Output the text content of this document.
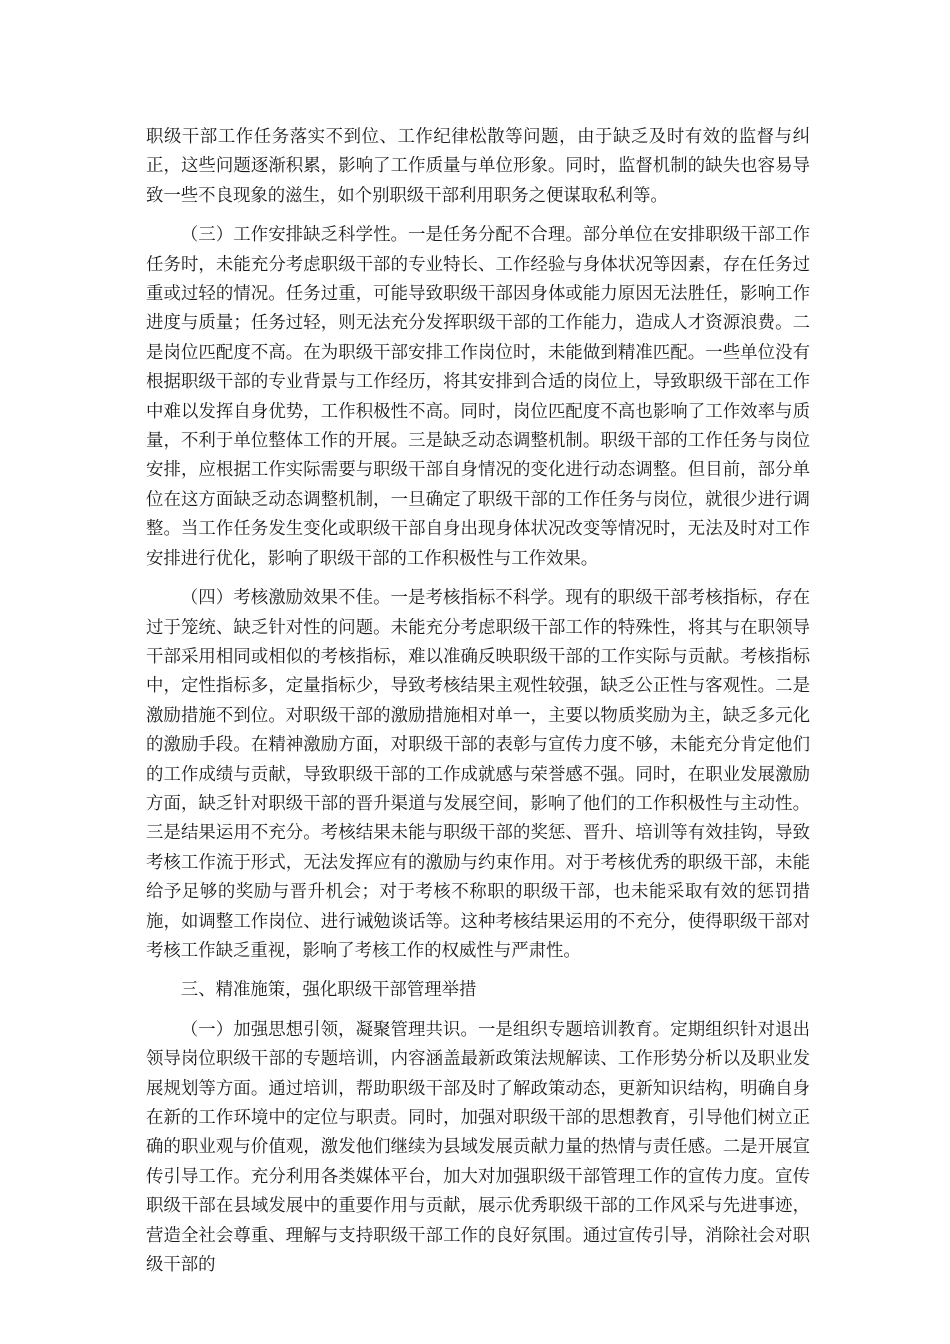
职级干部工作任务落实不到位、工作纪律松散等问题，由于缺乏及时有效的监督与纠正，这些问题逐渐积累，影响了工作质量与单位形象。同时，监督机制的缺失也容易导致一些不良现象的滋生，如个别职级干部利用职务之便谋取私利等。

（三）工作安排缺乏科学性。一是任务分配不合理。部分单位在安排职级干部工作任务时，未能充分考虑职级干部的专业特长、工作经验与身体状况等因素，存在任务过重或过轻的情况。任务过重，可能导致职级干部因身体或能力原因无法胜任，影响工作进度与质量；任务过轻，则无法充分发挥职级干部的工作能力，造成人才资源浪费。二是岗位匹配度不高。在为职级干部安排工作岗位时，未能做到精准匹配。一些单位没有根据职级干部的专业背景与工作经历，将其安排到合适的岗位上，导致职级干部在工作中难以发挥自身优势，工作积极性不高。同时，岗位匹配度不高也影响了工作效率与质量，不利于单位整体工作的开展。三是缺乏动态调整机制。职级干部的工作任务与岗位安排，应根据工作实际需要与职级干部自身情况的变化进行动态调整。但目前，部分单位在这方面缺乏动态调整机制，一旦确定了职级干部的工作任务与岗位，就很少进行调整。当工作任务发生变化或职级干部自身出现身体状况改变等情况时，无法及时对工作安排进行优化，影响了职级干部的工作积极性与工作效果。

（四）考核激励效果不佳。一是考核指标不科学。现有的职级干部考核指标，存在过于笼统、缺乏针对性的问题。未能充分考虑职级干部工作的特殊性，将其与在职领导干部采用相同或相似的考核指标，难以准确反映职级干部的工作实际与贡献。考核指标中，定性指标多，定量指标少，导致考核结果主观性较强，缺乏公正性与客观性。二是激励措施不到位。对职级干部的激励措施相对单一，主要以物质奖励为主，缺乏多元化的激励手段。在精神激励方面，对职级干部的表彰与宣传力度不够，未能充分肯定他们的工作成绩与贡献，导致职级干部的工作成就感与荣誉感不强。同时，在职业发展激励方面，缺乏针对职级干部的晋升渠道与发展空间，影响了他们的工作积极性与主动性。三是结果运用不充分。考核结果未能与职级干部的奖惩、晋升、培训等有效挂钩，导致考核工作流于形式，无法发挥应有的激励与约束作用。对于考核优秀的职级干部，未能给予足够的奖励与晋升机会；对于考核不称职的职级干部，也未能采取有效的惩罚措施，如调整工作岗位、进行诫勉谈话等。这种考核结果运用的不充分，使得职级干部对考核工作缺乏重视，影响了考核工作的权威性与严肃性。

三、精准施策，强化职级干部管理举措

（一）加强思想引领，凝聚管理共识。一是组织专题培训教育。定期组织针对退出领导岗位职级干部的专题培训，内容涵盖最新政策法规解读、工作形势分析以及职业发展规划等方面。通过培训，帮助职级干部及时了解政策动态，更新知识结构，明确自身在新的工作环境中的定位与职责。同时，加强对职级干部的思想教育，引导他们树立正确的职业观与价值观，激发他们继续为县域发展贡献力量的热情与责任感。二是开展宣传引导工作。充分利用各类媒体平台，加大对加强职级干部管理工作的宣传力度。宣传职级干部在县域发展中的重要作用与贡献，展示优秀职级干部的工作风采与先进事迹，营造全社会尊重、理解与支持职级干部工作的良好氛围。通过宣传引导，消除社会对职级干部的
